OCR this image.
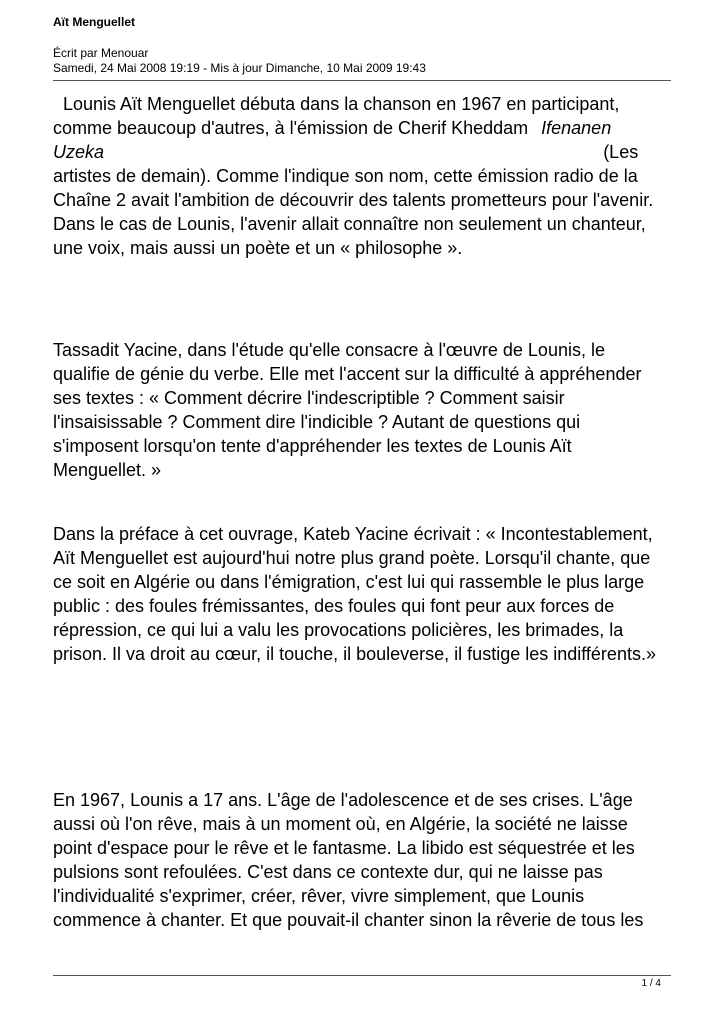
Aït Menguellet
Écrit par Menouar
Samedi, 24 Mai 2008 19:19 - Mis à jour Dimanche, 10 Mai 2009 19:43
Lounis Aït Menguellet débuta dans la chanson en 1967 en participant,
comme beaucoup d'autres, à l'émission de Cherif Kheddam Ifenanen
Uzeka	(Les
artistes de demain). Comme l'indique son nom, cette émission radio de la
Chaîne 2 avait l'ambition de découvrir des talents prometteurs pour l'avenir.
Dans le cas de Lounis, l'avenir allait connaître non seulement un chanteur,
une voix, mais aussi un poète et un « philosophe ».
Tassadit Yacine, dans l'étude qu'elle consacre à l'œuvre de Lounis, le
qualifie de génie du verbe. Elle met l'accent sur la difficulté à appréhender
ses textes : « Comment décrire l'indescriptible ? Comment saisir
l'insaisissable ? Comment dire l'indicible ? Autant de questions qui
s'imposent lorsqu'on tente d'appréhender les textes de Lounis Aït
Menguellet. »
Dans la préface à cet ouvrage, Kateb Yacine écrivait : « Incontestablement,
Aït Menguellet est aujourd'hui notre plus grand poète. Lorsqu'il chante, que
ce soit en Algérie ou dans l'émigration, c'est lui qui rassemble le plus large
public : des foules frémissantes, des foules qui font peur aux forces de
répression, ce qui lui a valu les provocations policières, les brimades, la
prison. Il va droit au cœur, il touche, il bouleverse, il fustige les indifférents.»
En 1967, Lounis a 17 ans. L'âge de l'adolescence et de ses crises. L'âge
aussi où l'on rêve, mais à un moment où, en Algérie, la société ne laisse
point d'espace pour le rêve et le fantasme. La libido est séquestrée et les
pulsions sont refoulées. C'est dans ce contexte dur, qui ne laisse pas
l'individualité s'exprimer, créer, rêver, vivre simplement, que Lounis
commence à chanter. Et que pouvait-il chanter sinon la rêverie de tous les
1 / 4
